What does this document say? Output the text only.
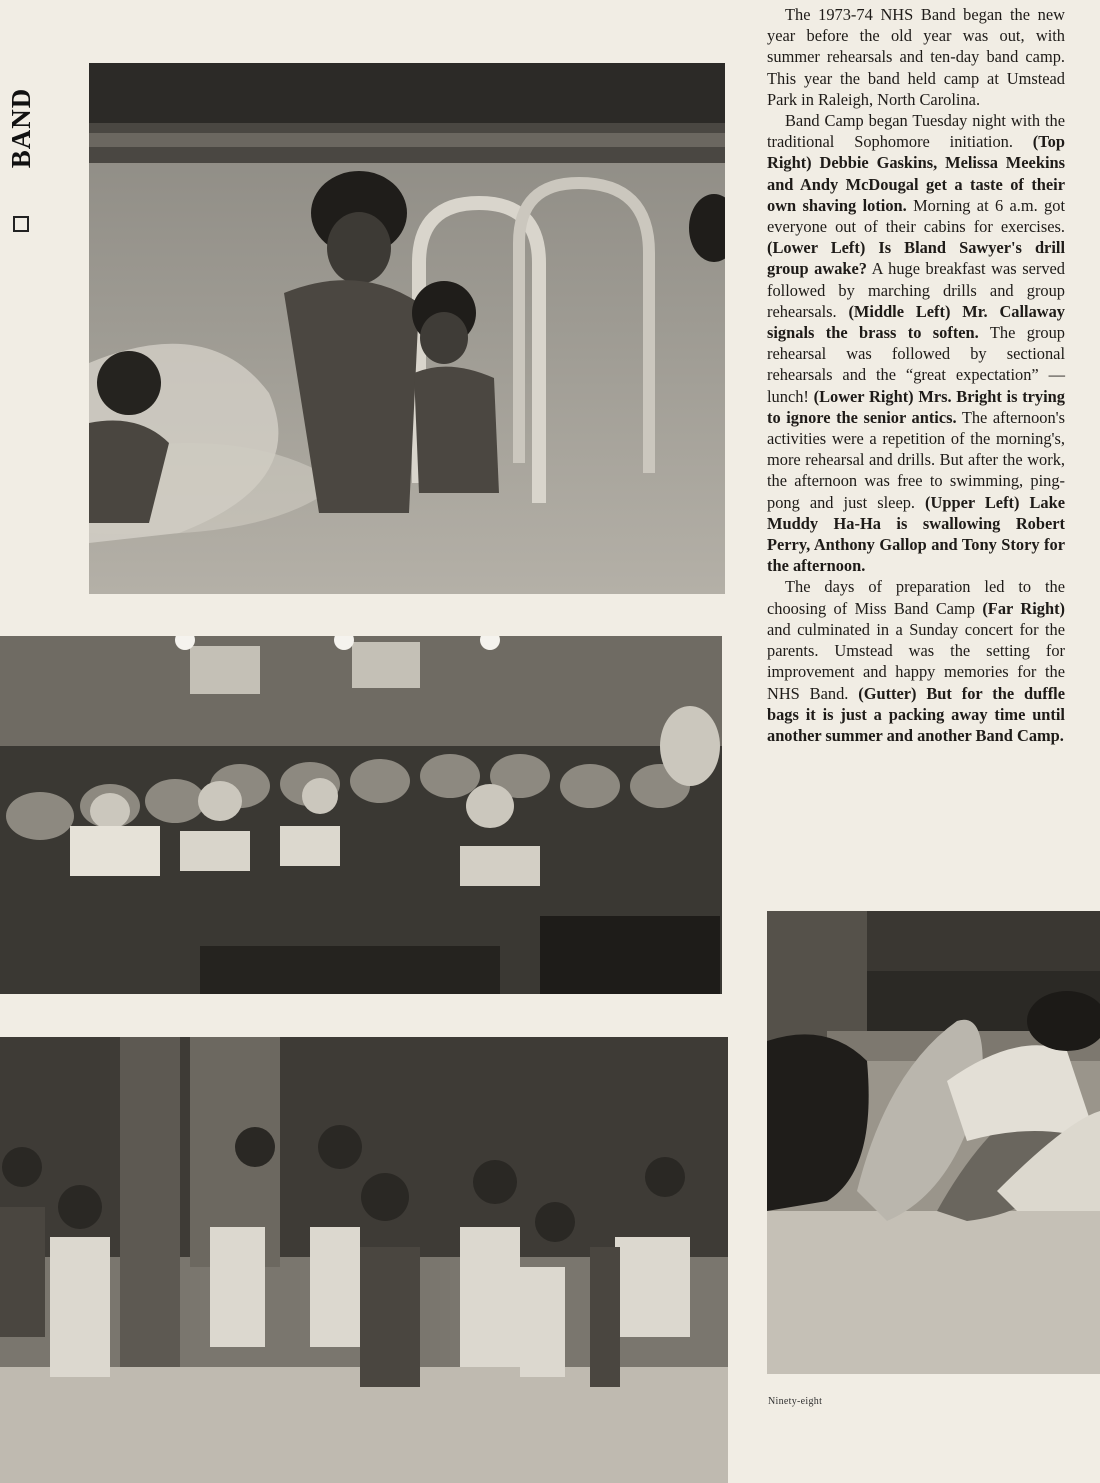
BAND

The 1973-74 NHS Band began the new year before the old year was out, with summer rehearsals and ten-day band camp. This year the band held camp at Umstead Park in Raleigh, North Carolina.

Band Camp began Tuesday night with the traditional Sophomore initiation. (Top Right) Debbie Gaskins, Melissa Meekins and Andy McDougal get a taste of their own shaving lotion. Morning at 6 a.m. got everyone out of their cabins for exercises. (Lower Left) Is Bland Sawyer's drill group awake? A huge breakfast was served followed by marching drills and group rehearsals. (Middle Left) Mr. Callaway signals the brass to soften. The group rehearsal was followed by sectional rehearsals and the “great expectation” —lunch! (Lower Right) Mrs. Bright is trying to ignore the senior antics. The afternoon's activities were a repetition of the morning's, more rehearsal and drills. But after the work, the afternoon was free to swimming, ping-pong and just sleep. (Upper Left) Lake Muddy Ha-Ha is swallowing Robert Perry, Anthony Gallop and Tony Story for the afternoon.

The days of preparation led to the choosing of Miss Band Camp (Far Right) and culminated in a Sunday concert for the parents. Umstead was the setting for improvement and happy memories for the NHS Band. (Gutter) But for the duffle bags it is just a packing away time until another summer and another Band Camp.

Ninety-eight
